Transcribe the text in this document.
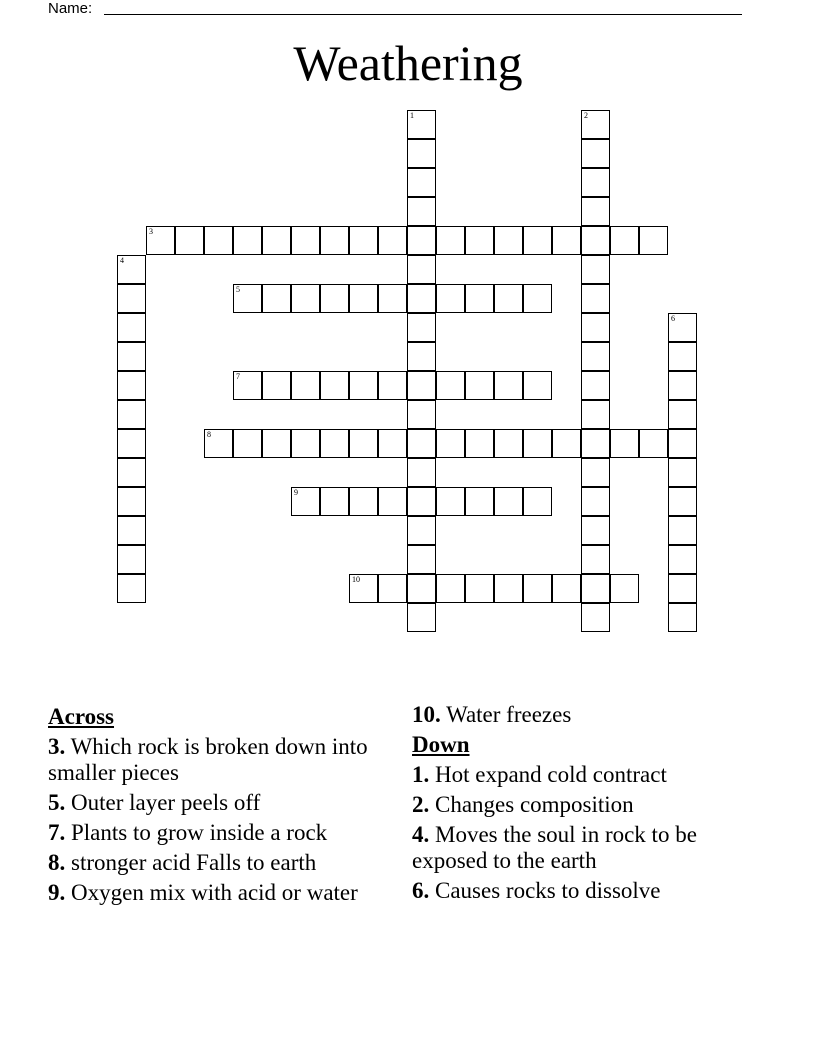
Name:
Weathering
1	2
3
4
5
6
7
8
9
10
Across
3. Which rock is broken down into smaller pieces
5. Outer layer peels off
7. Plants to grow inside a rock
8. stronger acid Falls to earth
9. Oxygen mix with acid or water
10. Water freezes
Down
1. Hot expand cold contract
2. Changes composition
4. Moves the soul in rock to be exposed to the earth
6. Causes rocks to dissolve
